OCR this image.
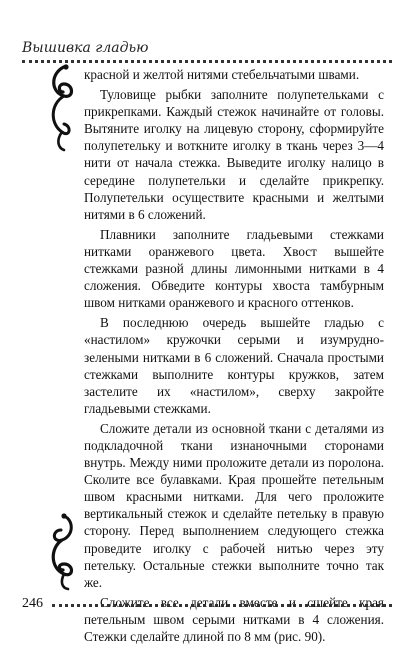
Вышивка гладью

красной и желтой нитями стебельчатыми швами.

Туловище рыбки заполните полупетельками с прикрепками. Каждый стежок начинайте от головы. Вытяните иголку на лицевую сторону, сформируйте полупетельку и воткните иголку в ткань через 3—4 нити от начала стежка. Выведите иголку налицо в середине полупетельки и сделайте прикрепку. Полупетельки осуществите красными и желтыми нитями в 6 сложений.

Плавники заполните гладьевыми стежками нитками оранжевого цвета. Хвост вышейте стежками разной длины лимонными нитками в 4 сложения. Обведите контуры хвоста тамбурным швом нитками оранжевого и красного оттенков.

В последнюю очередь вышейте гладью с «настилом» кружочки серыми и изумрудно-зелеными нитками в 6 сложений. Сначала простыми стежками выполните контуры кружков, затем застелите их «настилом», сверху закройте гладьевыми стежками.

Сложите детали из основной ткани с деталями из подкладочной ткани изнаночными сторонами внутрь. Между ними проложите детали из поролона. Сколите все булавками. Края прошейте петельным швом красными нитками. Для чего проложите вертикальный стежок и сделайте петельку в правую сторону. Перед выполнением следующего стежка проведите иголку с рабочей нитью через эту петельку. Остальные стежки выполните точно так же.

Сложите все детали вместе и сшейте края петельным швом серыми нитками в 4 сложения. Стежки сделайте длиной по 8 мм (рис. 90).

246
